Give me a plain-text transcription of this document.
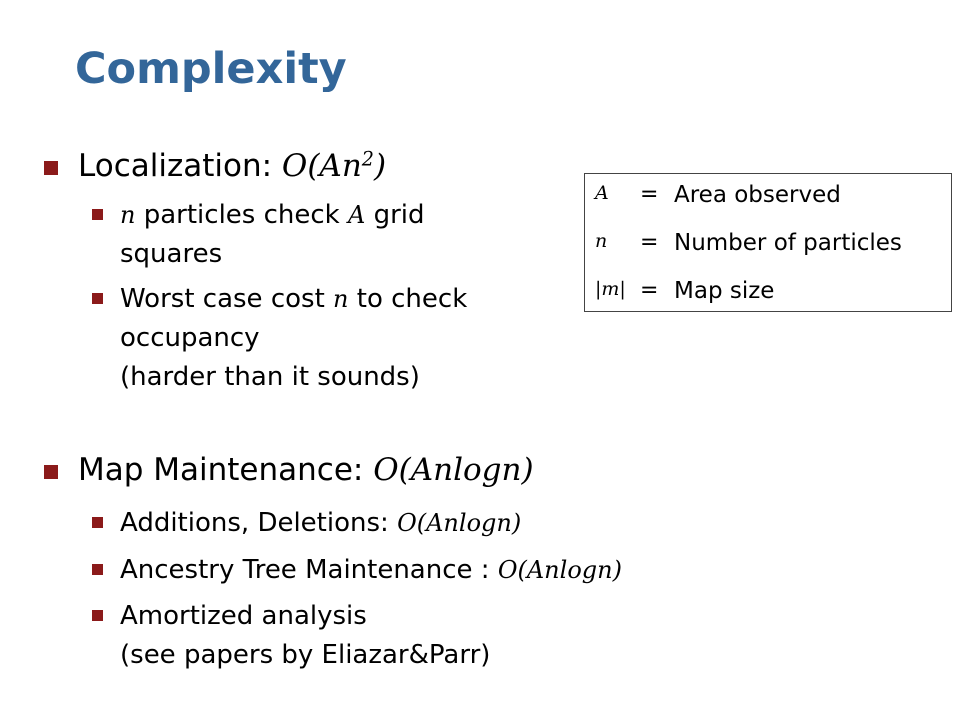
Complexity
Localization: O(An$^2$)
n particles check A grid
squares
Worst case cost n to check
occupancy
(harder than it sounds)
Map Maintenance: O(Anlogn)
Additions, Deletions: O(Anlogn)
Ancestry Tree Maintenance : O(Anlogn)
Amortized analysis
(see papers by Eliazar&Parr)
A = Area observed
n = Number of particles
|m| = Map size
